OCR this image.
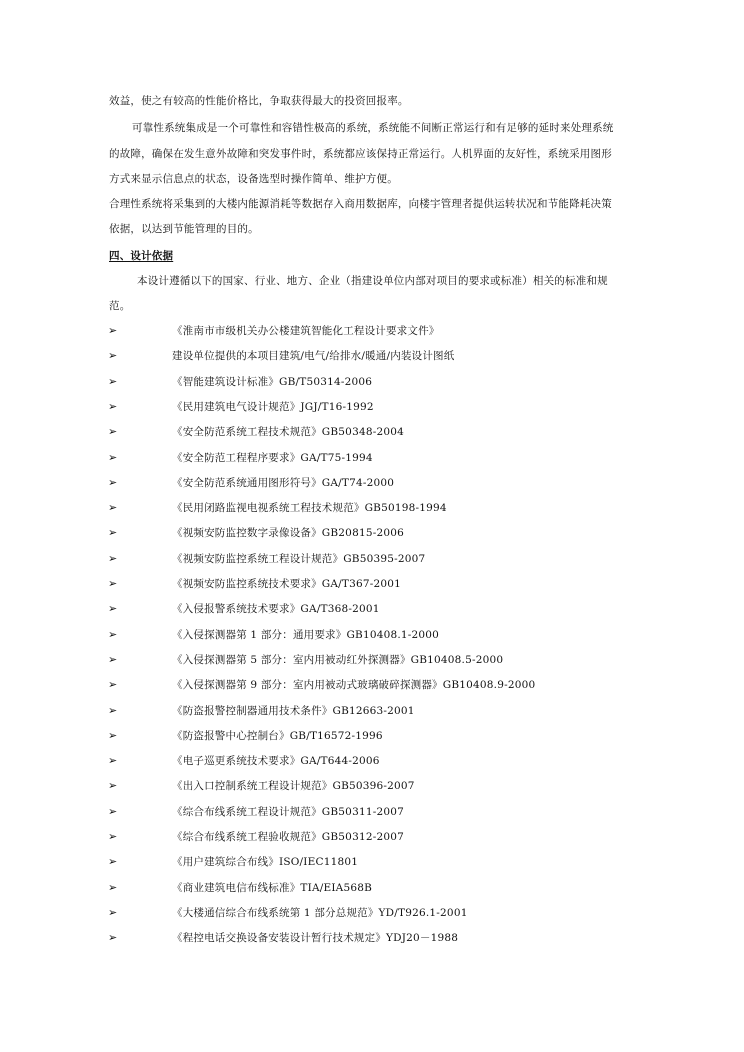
效益，使之有较高的性能价格比，争取获得最大的投资回报率。
可靠性系统集成是一个可靠性和容错性极高的系统，系统能不间断正常运行和有足够的延时来处理系统
的故障，确保在发生意外故障和突发事件时，系统都应该保持正常运行。人机界面的友好性，系统采用图形
方式来显示信息点的状态，设备选型时操作简单、维护方便。
合理性系统将采集到的大楼内能源消耗等数据存入商用数据库，向楼宇管理者提供运转状况和节能降耗决策
依据，以达到节能管理的目的。
四、设计依据
本设计遵循以下的国家、行业、地方、企业（指建设单位内部对项目的要求或标准）相关的标准和规
范。
➢	《淮南市市级机关办公楼建筑智能化工程设计要求文件》
➢	建设单位提供的本项目建筑/电气/给排水/暖通/内装设计图纸
➢	《智能建筑设计标准》GB/T50314-2006
➢	《民用建筑电气设计规范》JGJ/T16-1992
➢	《安全防范系统工程技术规范》GB50348-2004
➢	《安全防范工程程序要求》GA/T75-1994
➢	《安全防范系统通用图形符号》GA/T74-2000
➢	《民用闭路监视电视系统工程技术规范》GB50198-1994
➢	《视频安防监控数字录像设备》GB20815-2006
➢	《视频安防监控系统工程设计规范》GB50395-2007
➢	《视频安防监控系统技术要求》GA/T367-2001
➢	《入侵报警系统技术要求》GA/T368-2001
➢	《入侵探测器第 1 部分：通用要求》GB10408.1-2000
➢	《入侵探测器第 5 部分：室内用被动红外探测器》GB10408.5-2000
➢	《入侵探测器第 9 部分：室内用被动式玻璃破碎探测器》GB10408.9-2000
➢	《防盗报警控制器通用技术条件》GB12663-2001
➢	《防盗报警中心控制台》GB/T16572-1996
➢	《电子巡更系统技术要求》GA/T644-2006
➢	《出入口控制系统工程设计规范》GB50396-2007
➢	《综合布线系统工程设计规范》GB50311-2007
➢	《综合布线系统工程验收规范》GB50312-2007
➢	《用户建筑综合布线》ISO/IEC11801
➢	《商业建筑电信布线标准》TIA/EIA568B
➢	《大楼通信综合布线系统第 1 部分总规范》YD/T926.1-2001
➢	《程控电话交换设备安装设计暂行技术规定》YDJ20－1988
